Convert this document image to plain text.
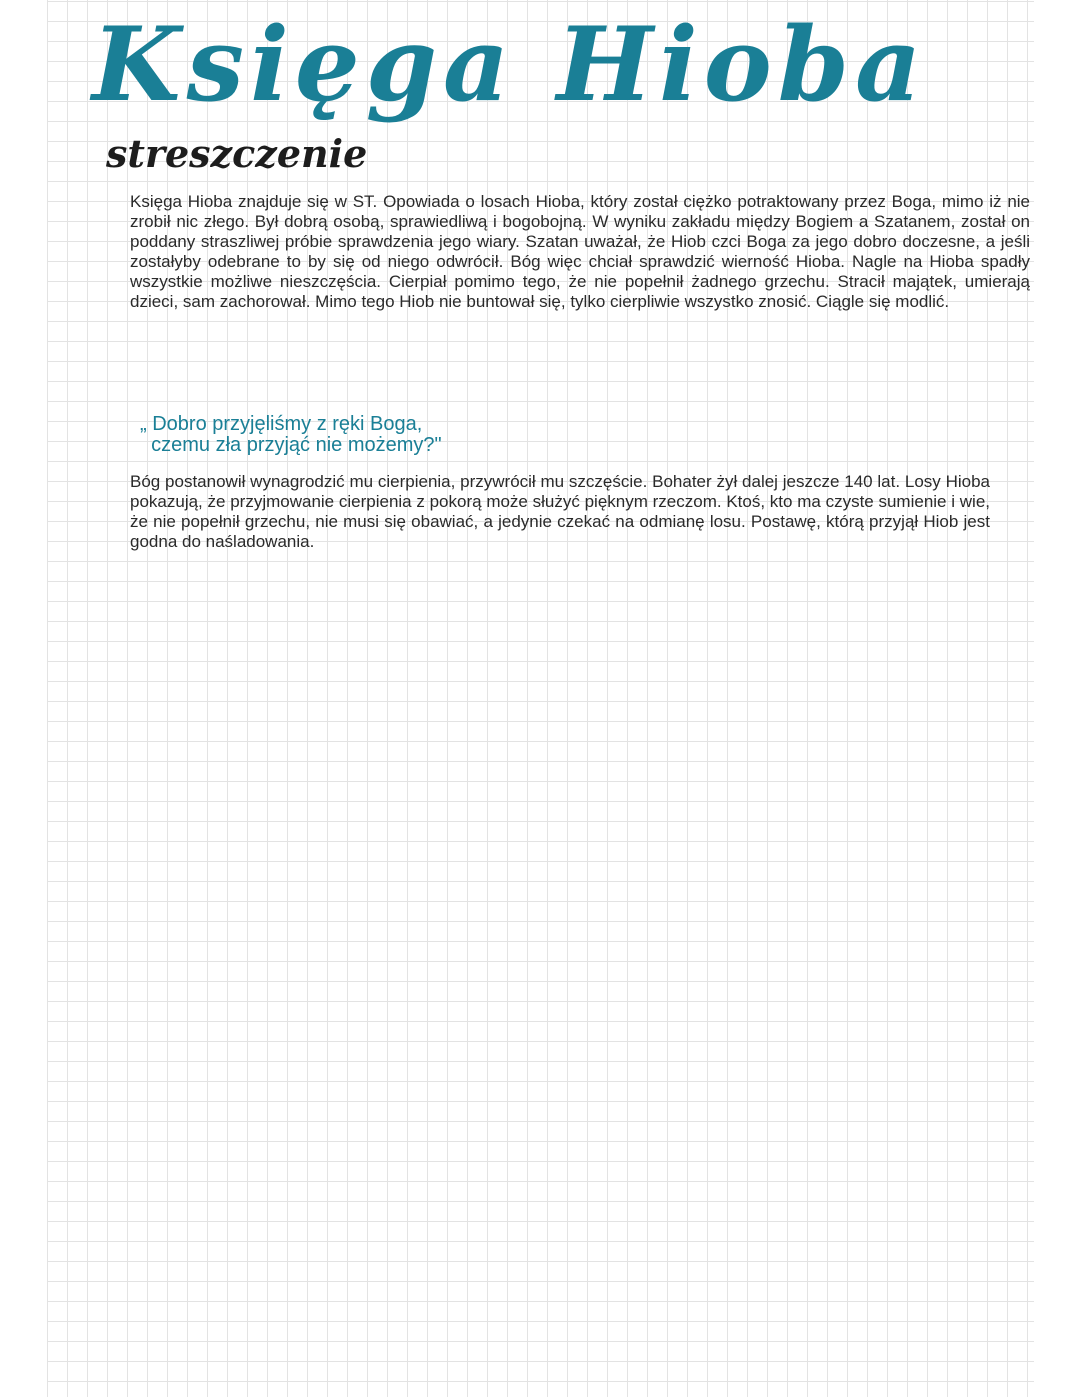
Księga Hioba
streszczenie

Księga Hioba znajduje się w ST. Opowiada o losach Hioba, który został ciężko potraktowany przez Boga, mimo iż nie zrobił nic złego. Był dobrą osobą, sprawiedliwą i bogobojną. W wyniku zakładu między Bogiem a Szatanem, został on poddany straszliwej próbie sprawdzenia jego wiary. Szatan uważał, że Hiob czci Boga za jego dobro doczesne, a jeśli zostałyby odebrane to by się od niego odwrócił. Bóg więc chciał sprawdzić wierność Hioba. Nagle na Hioba spadły wszystkie możliwe nieszczęścia. Cierpiał pomimo tego, że nie popełnił żadnego grzechu. Stracił majątek, umierają dzieci, sam zachorował. Mimo tego Hiob nie buntował się, tylko cierpliwie wszystko znosić. Ciągle się modlić.

„ Dobro przyjęliśmy z ręki Boga,
czemu zła przyjąć nie możemy?"

Bóg postanowił wynagrodzić mu cierpienia, przywrócił mu szczęście. Bohater żył dalej jeszcze 140 lat. Losy Hioba pokazują, że przyjmowanie cierpienia z pokorą może służyć pięknym rzeczom. Ktoś, kto ma czyste sumienie i wie, że nie popełnił grzechu, nie musi się obawiać, a jedynie czekać na odmianę losu. Postawę, którą przyjął Hiob jest godna do naśladowania.
